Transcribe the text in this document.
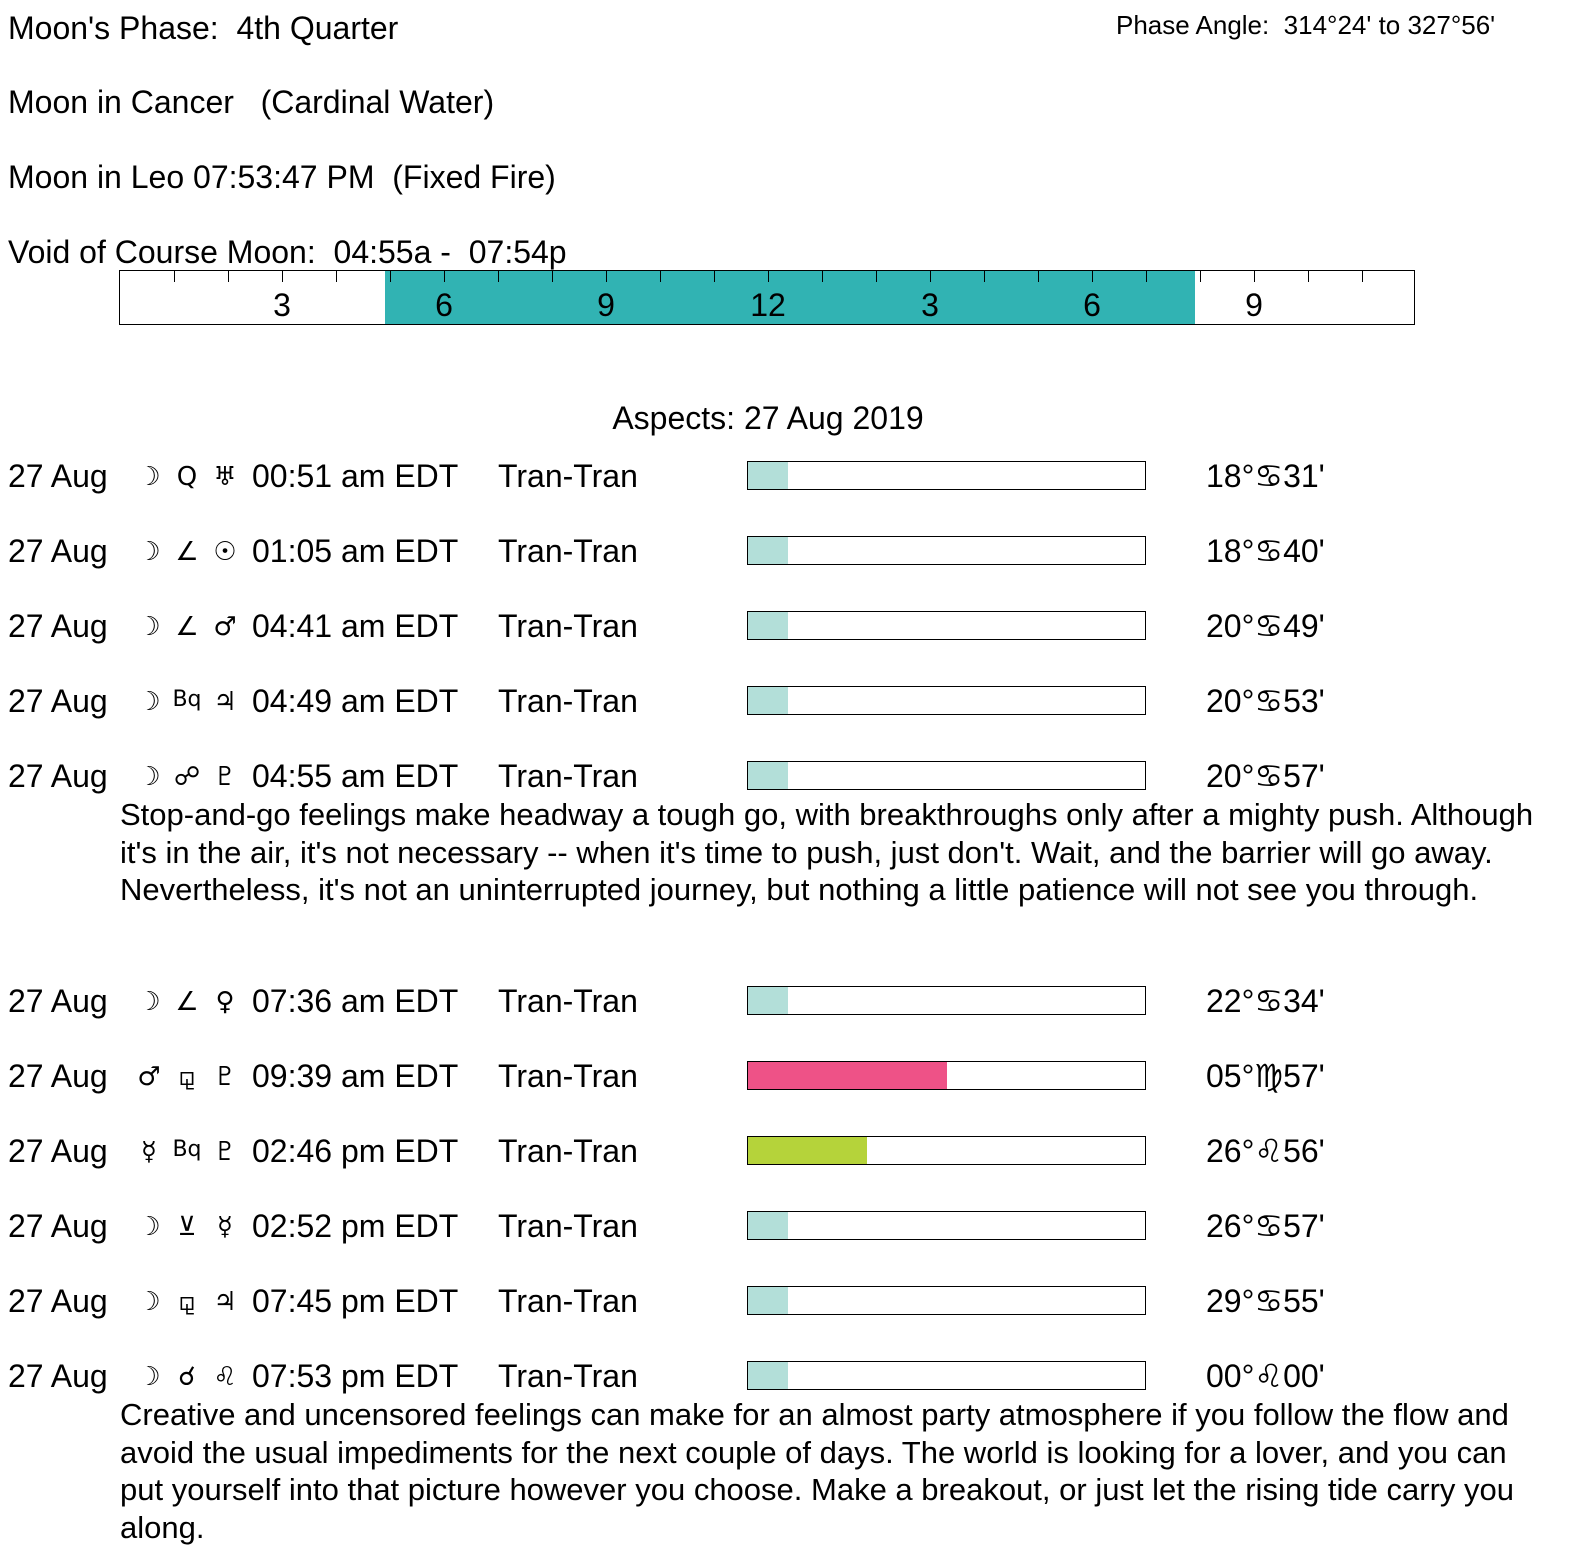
Moon's Phase:  4th Quarter	Phase Angle:  314°24' to 327°56'
Moon in Cancer   (Cardinal Water)
Moon in Leo 07:53:47 PM  (Fixed Fire)
Void of Course Moon:  04:55a -  07:54p
3	6	9	12	3	6	9
Aspects: 27 Aug 2019
27 Aug ☽ Q ♅ 00:51 am EDT Tran-Tran	18°♋31'
27 Aug ☽ ∠ ☉ 01:05 am EDT Tran-Tran	18°♋40'
27 Aug ☽ ∠ ♂ 04:41 am EDT Tran-Tran	20°♋49'
27 Aug ☽ Bq ♃ 04:49 am EDT Tran-Tran	20°♋53'
27 Aug ☽ ☍ ♇ 04:55 am EDT Tran-Tran	20°♋57'
Stop-and-go feelings make headway a tough go, with breakthroughs only after a mighty push. Although it's in the air, it's not necessary -- when it's time to push, just don't. Wait, and the barrier will go away. Nevertheless, it's not an uninterrupted journey, but nothing a little patience will not see you through.
27 Aug ☽ ∠ ♀ 07:36 am EDT Tran-Tran	22°♋34'
27 Aug ♂ ⚼ ♇ 09:39 am EDT Tran-Tran	05°♍57'
27 Aug	☿ Bq ♇ 02:46 pm EDT Tran-Tran	26°♌56'
27 Aug ☽ ⊻ ☿ 02:52 pm EDT Tran-Tran	26°♋57'
27 Aug ☽ ⚼ ♃ 07:45 pm EDT Tran-Tran	29°♋55'
27 Aug ☽ ☌ ♌ 07:53 pm EDT Tran-Tran	00°♌00'
Creative and uncensored feelings can make for an almost party atmosphere if you follow the flow and avoid the usual impediments for the next couple of days. The world is looking for a lover, and you can put yourself into that picture however you choose. Make a breakout, or just let the rising tide carry you along.
